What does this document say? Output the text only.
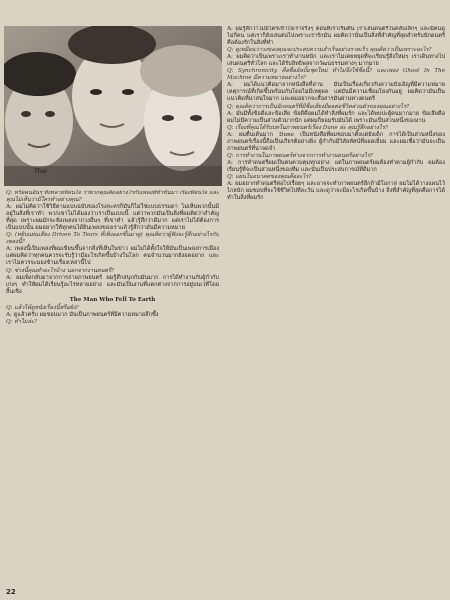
Thai

Q: หรือคนอื่นๆ ทั้งหลายที่สนใจ ว่าพวกคุณคิดอย่างไรกับเพลงที่ทำขึ้นมา เรื่องที่สนใจ และคุณไม่เห็นว่ามีใครทำอย่างคุณ?

A: ผมไม่คิดว่าใช้วิธีตามแบบฉบับของโรงละครก็มันก็ไม่ใช่แบบธรรมดา ไม่เห็นพวกนั้นมีอยู่ในสิ่งที่เราทำ พวกเขาไม่ได้มองว่าเราเป็นแบบนี้ แต่ว่าพวกมันเป็นสิ่งที่ผมคิดว่าสำคัญที่สุด เพราะผมมักจะฟังเพลงจากวงอื่นๆ ที่เขาทำ แล้วรู้สึกว่าดีมาก แต่เราไม่ได้ต้องการเป็นแบบนั้น ผมอยากให้ทุกคนได้ยินเพลงของเราแล้วรู้สึกว่ามันมีความหมาย

Q: (หยิบแผ่นเสียง Driven To Tears ที่เพิ่งออกขึ้นมาดู) คุณคิดว่าผู้ฟังจะรู้สึกอย่างไรกับเพลงนี้?

A: เพลงนี้เป็นเพลงที่ผมเขียนขึ้นจากสิ่งที่เห็นในข่าว ผมไม่ได้ตั้งใจให้มันเป็นเพลงการเมือง แต่ผมคิดว่าทุกคนควรจะรับรู้ว่ามีอะไรเกิดขึ้นบ้างในโลก คนจำนวนมากยังอดอยาก และเราไม่ควรจะมองข้ามเรื่องเหล่านี้ไป

Q: ช่วงนี้คุณทำอะไรบ้าง นอกจากงานดนตรี?

A: ผมเพิ่งกลับมาจากการถ่ายภาพยนตร์ ผมรู้สึกสนุกกับมันมาก การได้ทำงานกับผู้กำกับเก่งๆ ทำให้ผมได้เรียนรู้อะไรหลายอย่าง และมันเป็นงานที่แตกต่างจากการอยู่บนเวทีโดยสิ้นเชิง

The Man Who Fell To Earth

Q: แล้วได้ดูหนังเรื่องนี้หรือยัง?

A: ดูแล้วครับ ผมชอบมาก มันเป็นภาพยนตร์ที่มีความหมายลึกซึ้ง

Q: ทำไมล่ะ?

A: ผมรู้สึกว่าไม่มีใครเข้าใจเราจริงๆ ตอนที่เราเริ่มต้น เราเล่นดนตรีในคลับเล็กๆ และมีคนดูไม่กี่คน แต่เราก็ยังเล่นต่อไปเพราะเรารักมัน ผมคิดว่านั่นเป็นสิ่งที่สำคัญที่สุดสำหรับนักดนตรี คือต้องรักในสิ่งที่ทำ

Q: ดูเหมือนว่าวงของคุณจะประสบความสำเร็จอย่างรวดเร็ว คุณคิดว่าเป็นเพราะอะไร?

A: ผมคิดว่าเป็นเพราะเราทำงานหนัก และเราไม่เคยหยุดที่จะเรียนรู้สิ่งใหม่ๆ เราเดินทางไปเล่นดนตรีทั่วโลก และได้รับอิทธิพลจากวัฒนธรรมต่างๆ มากมาย

Q: Synchronicity คือชื่ออัลบั้มชุดใหม่ ทำไมจึงใช้ชื่อนี้? และเพลง Ghost In The Machine มีความหมายอย่างไร?

A: ผมได้แนวคิดมาจากหนังสือที่อ่าน มันเป็นเรื่องเกี่ยวกับความบังเอิญที่มีความหมาย เหตุการณ์ที่เกิดขึ้นพร้อมกันโดยไม่มีเหตุผล แต่มันมีความเชื่อมโยงกันอยู่ ผมคิดว่ามันเป็นแนวคิดที่น่าสนใจมาก และผมอยากจะสื่อสารมันผ่านทางดนตรี

Q: คุณคิดว่าการเป็นนักดนตรีที่มีชื่อเสียงมีผลต่อชีวิตส่วนตัวของคุณอย่างไร?

A: มันมีทั้งข้อดีและข้อเสีย ข้อดีคือผมได้ทำสิ่งที่ผมรัก และได้พบปะผู้คนมากมาย ข้อเสียคือผมไม่มีความเป็นส่วนตัวมากนัก แต่ผมก็ยอมรับมันได้ เพราะมันเป็นส่วนหนึ่งของงาน

Q: เรื่องที่คุณได้รับบทในภาพยนตร์เรื่อง Dune ล่ะ คุณรู้สึกอย่างไร?

A: ผมตื่นเต้นมาก Dune เป็นหนังสือที่ผมชอบมาตั้งแต่ยังเด็ก การได้เป็นส่วนหนึ่งของภาพยนตร์เรื่องนี้ถือเป็นเกียรติอย่างยิ่ง ผู้กำกับมีวิสัยทัศน์ที่ยอดเยี่ยม และผมเชื่อว่ามันจะเป็นภาพยนตร์ที่น่าจดจำ

Q: การทำงานในภาพยนตร์ต่างจากการทำงานดนตรีอย่างไร?

A: การทำดนตรีผมเป็นคนควบคุมทุกอย่าง แต่ในภาพยนตร์ผมต้องทำตามผู้กำกับ ผมต้องเรียนรู้ที่จะเป็นส่วนหนึ่งของทีม และนั่นเป็นประสบการณ์ที่ดีมาก

Q: แผนในอนาคตของคุณคืออะไร?

A: ผมอยากทำดนตรีต่อไปเรื่อยๆ และอาจจะทำภาพยนตร์อีกถ้ามีโอกาส ผมไม่ได้วางแผนไว้ไกลนัก ผมชอบที่จะใช้ชีวิตไปทีละวัน และดูว่าจะมีอะไรเกิดขึ้นบ้าง สิ่งที่สำคัญที่สุดคือการได้ทำในสิ่งที่ผมรัก

22
